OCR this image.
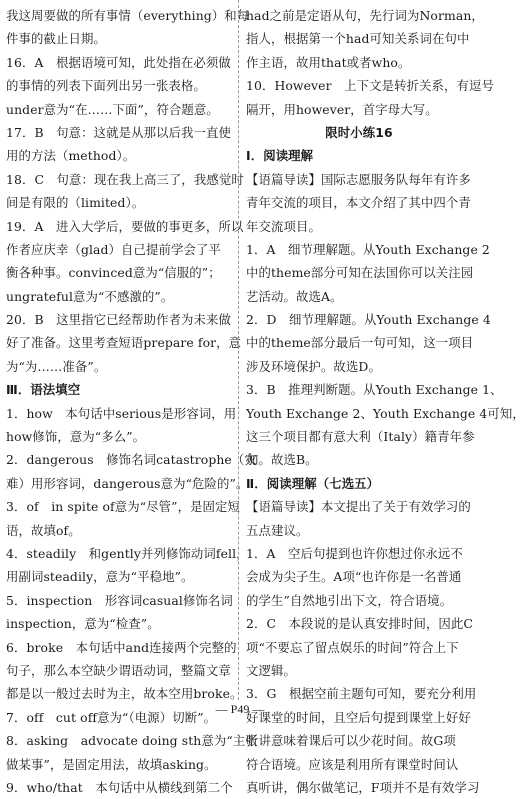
我这周要做的所有事情（everything）和每
件事的截止日期。
16．A　根据语境可知，此处指在必须做
的事情的列表下面列出另一张表格。
under意为“在……下面”，符合题意。
17．B　句意：这就是从那以后我一直使
用的方法（method）。
18．C　句意：现在我上高三了，我感觉时
间是有限的（limited）。
19．A　进入大学后，要做的事更多，所以
作者应庆幸（glad）自己提前学会了平
衡各种事。convinced意为“信服的”；
ungrateful意为“不感激的”。
20．B　这里指它已经帮助作者为未来做
好了准备。这里考查短语prepare for，意
为“为……准备”。
Ⅲ．语法填空
1．how　本句话中serious是形容词，用
how修饰，意为“多么”。
2．dangerous　修饰名词catastrophe（灾
难）用形容词，dangerous意为“危险的”。
3．of　in spite of意为“尽管”，是固定短
语，故填of。
4．steadily　和gently并列修饰动词fell，
用副词steadily，意为“平稳地”。
5．inspection　形容词casual修饰名词
inspection，意为“检查”。
6．broke　本句话中and连接两个完整的
句子，那么本空缺少谓语动词，整篇文章
都是以一般过去时为主，故本空用broke。
7．off　cut off意为“（电源）切断”。
8．asking　advocate doing sth意为“主张
做某事”，是固定用法，故填asking。
9．who/that　本句话中从横线到第二个
had之前是定语从句，先行词为Norman，
指人，根据第一个had可知关系词在句中
作主语，故用that或者who。
10．However　上下文是转折关系，有逗号
隔开，用however，首字母大写。
限时小练16
Ⅰ．阅读理解
【语篇导读】国际志愿服务队每年有许多
青年交流的项目，本文介绍了其中四个青
年交流项目。
1．A　细节理解题。从Youth Exchange 2
中的theme部分可知在法国你可以关注园
艺活动。故选A。
2．D　细节理解题。从Youth Exchange 4
中的theme部分最后一句可知，这一项目
涉及环境保护。故选D。
3．B　推理判断题。从Youth Exchange 1、
Youth Exchange 2、Youth Exchange 4可知，
这三个项目都有意大利（Italy）籍青年参
加。故选B。
Ⅱ．阅读理解（七选五）
【语篇导读】本文提出了关于有效学习的
五点建议。
1．A　空后句提到也许你想过你永远不
会成为尖子生。A项“也许你是一名普通
的学生”自然地引出下文，符合语境。
2．C　本段说的是认真安排时间，因此C
项“不要忘了留点娱乐的时间”符合上下
文逻辑。
3．G　根据空前主题句可知，要充分利用
好课堂的时间，且空后句提到课堂上好好
听讲意味着课后可以少花时间。故G项
符合语境。应该是利用所有课堂时间认
真听讲，偶尔做笔记，F项并不是有效学习
— P49 —
